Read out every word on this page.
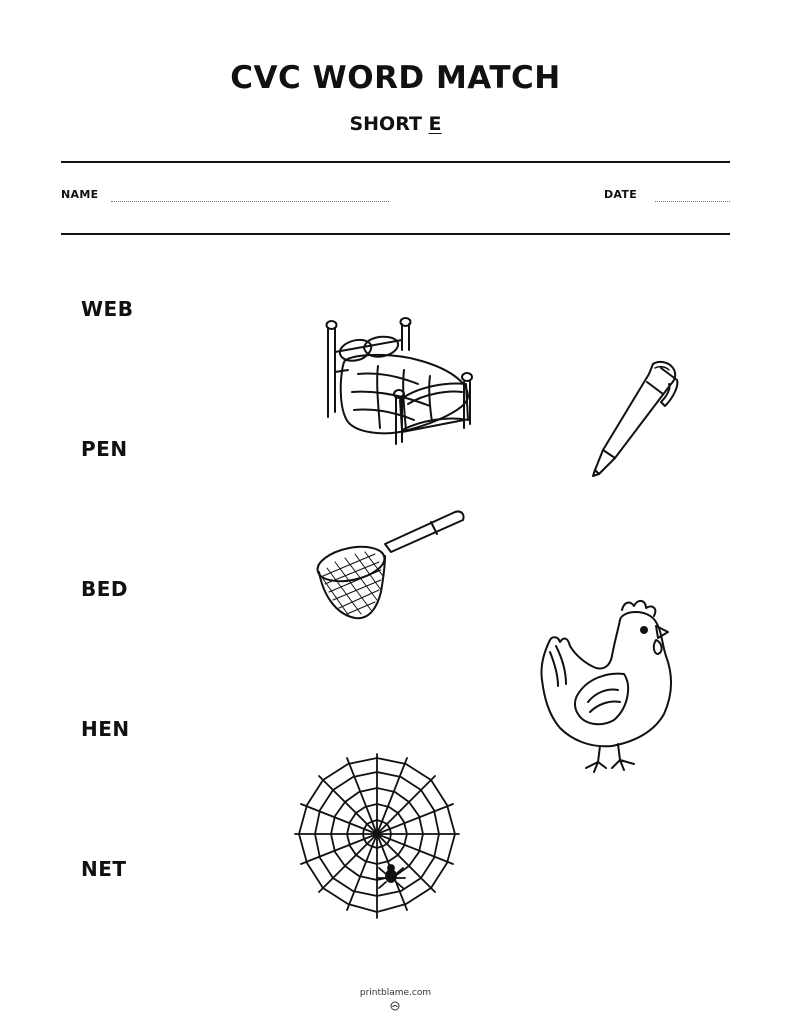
CVC WORD MATCH
SHORT E
NAME	DATE
WEB
PEN
BED
HEN
NET
printblame.com
